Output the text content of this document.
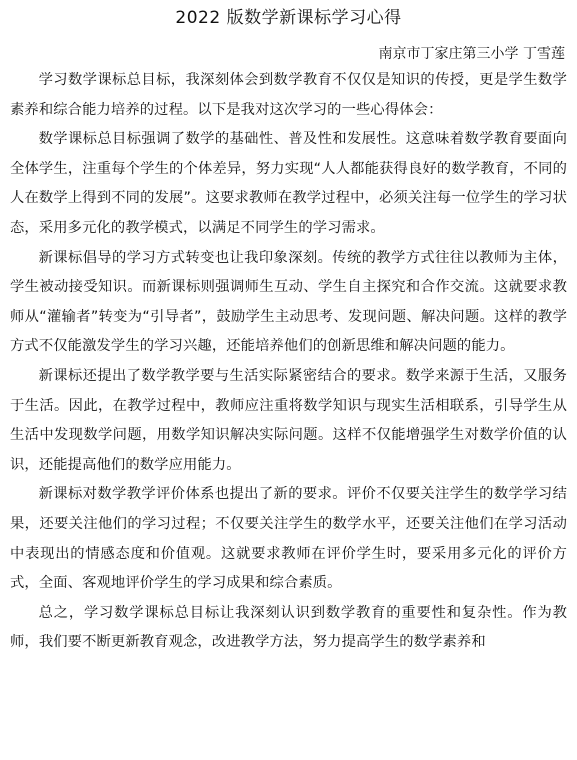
2022 版数学新课标学习心得
南京市丁家庄第三小学 丁雪莲

学习数学课标总目标，我深刻体会到数学教育不仅仅是知识的传授，更是学生数学素养和综合能力培养的过程。以下是我对这次学习的一些心得体会：

数学课标总目标强调了数学的基础性、普及性和发展性。这意味着数学教育要面向全体学生，注重每个学生的个体差异，努力实现“人人都能获得良好的数学教育，不同的人在数学上得到不同的发展”。这要求教师在教学过程中，必须关注每一位学生的学习状态，采用多元化的教学模式，以满足不同学生的学习需求。

新课标倡导的学习方式转变也让我印象深刻。传统的教学方式往往以教师为主体，学生被动接受知识。而新课标则强调师生互动、学生自主探究和合作交流。这就要求教师从“灌输者”转变为“引导者”，鼓励学生主动思考、发现问题、解决问题。这样的教学方式不仅能激发学生的学习兴趣，还能培养他们的创新思维和解决问题的能力。

新课标还提出了数学教学要与生活实际紧密结合的要求。数学来源于生活，又服务于生活。因此，在教学过程中，教师应注重将数学知识与现实生活相联系，引导学生从生活中发现数学问题，用数学知识解决实际问题。这样不仅能增强学生对数学价值的认识，还能提高他们的数学应用能力。

新课标对数学教学评价体系也提出了新的要求。评价不仅要关注学生的数学学习结果，还要关注他们的学习过程；不仅要关注学生的数学水平，还要关注他们在学习活动中表现出的情感态度和价值观。这就要求教师在评价学生时，要采用多元化的评价方式，全面、客观地评价学生的学习成果和综合素质。

总之，学习数学课标总目标让我深刻认识到数学教育的重要性和复杂性。作为教师，我们要不断更新教育观念，改进教学方法，努力提高学生的数学素养和
